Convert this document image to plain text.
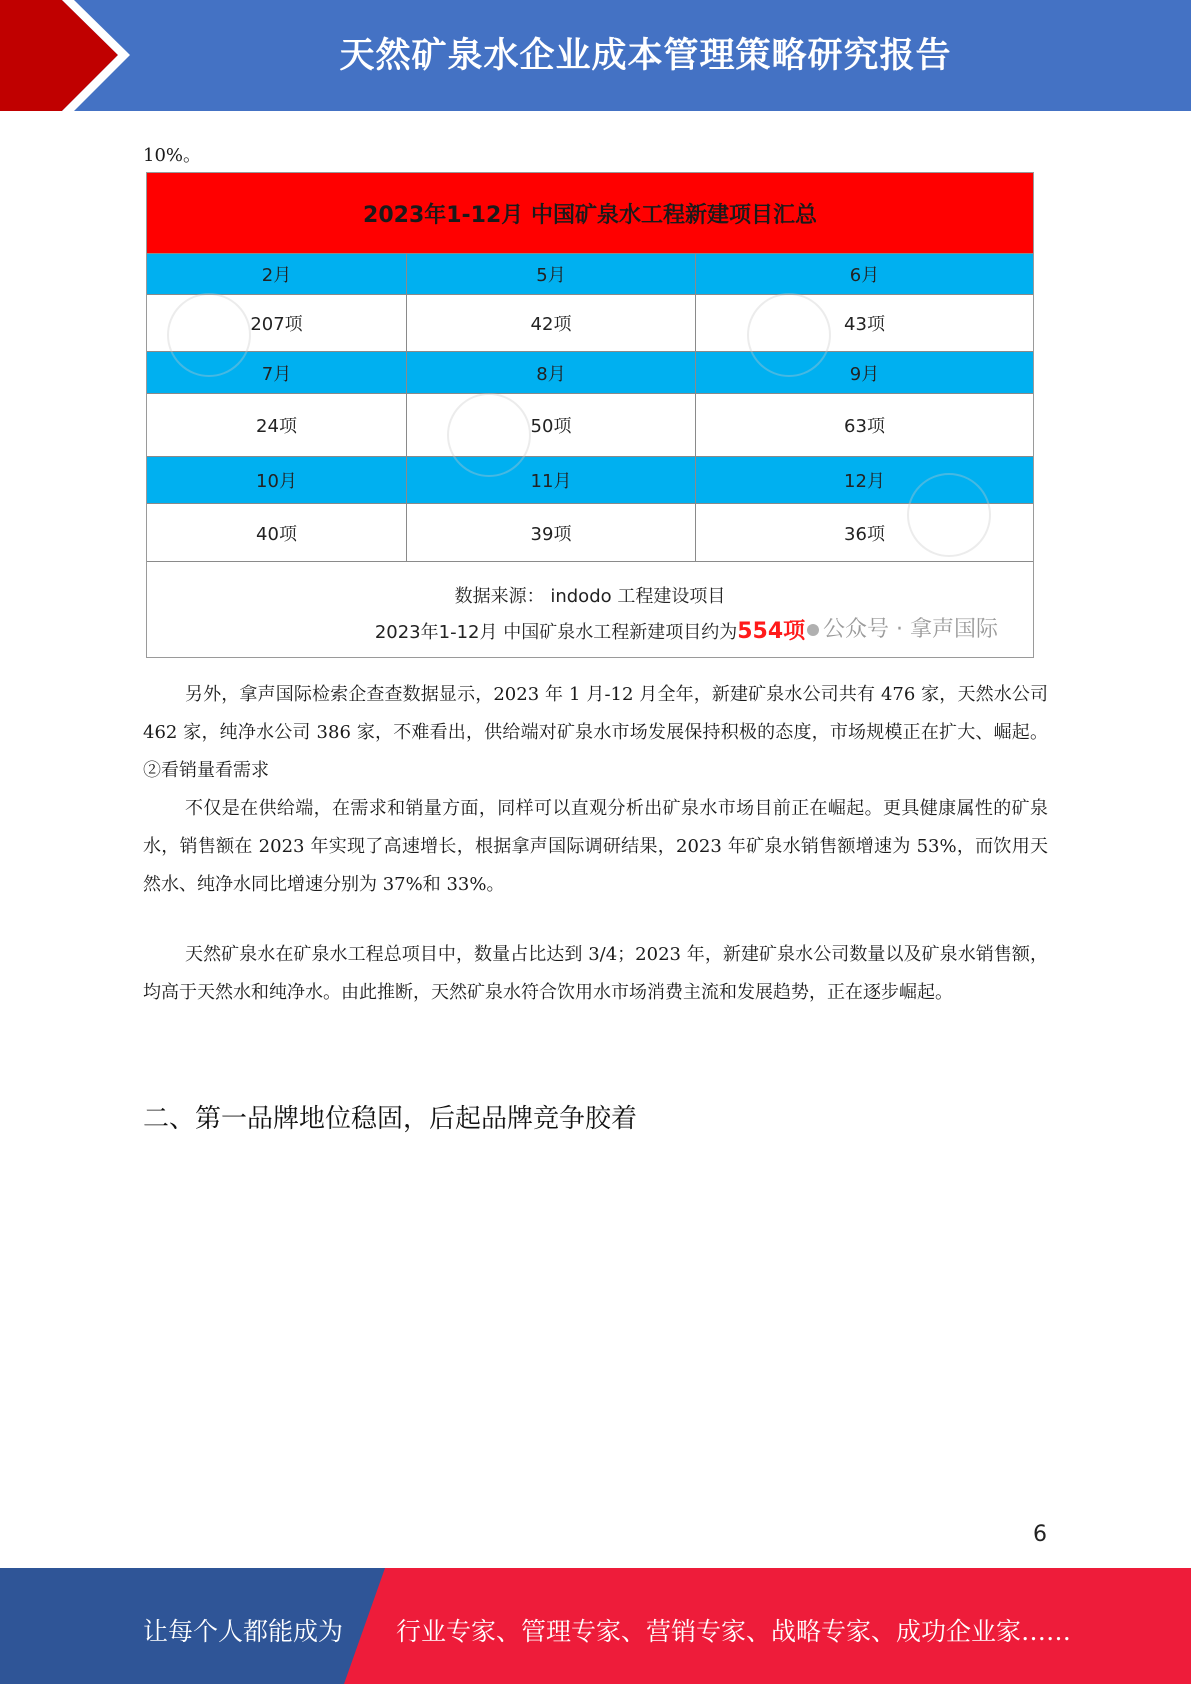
天然矿泉水企业成本管理策略研究报告
10%。
2023年1-12月 中国矿泉水工程新建项目汇总
2月	5月	6月
207项	42项	43项
7月	8月	9月
24项	50项	63项
10月	11月	12月
40项	39项	36项
数据来源： indodo 工程建设项目
2023年1-12月 中国矿泉水工程新建项目约为554项 公众号 · 拿声国际
另外，拿声国际检索企查查数据显示，2023 年 1 月-12 月全年，新建矿泉水公司共有 476 家，天然水公司 462 家，纯净水公司 386 家，不难看出，供给端对矿泉水市场发展保持积极的态度，市场规模正在扩大、崛起。②看销量看需求
不仅是在供给端，在需求和销量方面，同样可以直观分析出矿泉水市场目前正在崛起。更具健康属性的矿泉水，销售额在 2023 年实现了高速增长，根据拿声国际调研结果，2023 年矿泉水销售额增速为 53%，而饮用天然水、纯净水同比增速分别为 37%和 33%。
天然矿泉水在矿泉水工程总项目中，数量占比达到 3/4；2023 年，新建矿泉水公司数量以及矿泉水销售额，均高于天然水和纯净水。由此推断，天然矿泉水符合饮用水市场消费主流和发展趋势，正在逐步崛起。
二、第一品牌地位稳固，后起品牌竞争胶着
6
让每个人都能成为 行业专家、管理专家、营销专家、战略专家、成功企业家……
